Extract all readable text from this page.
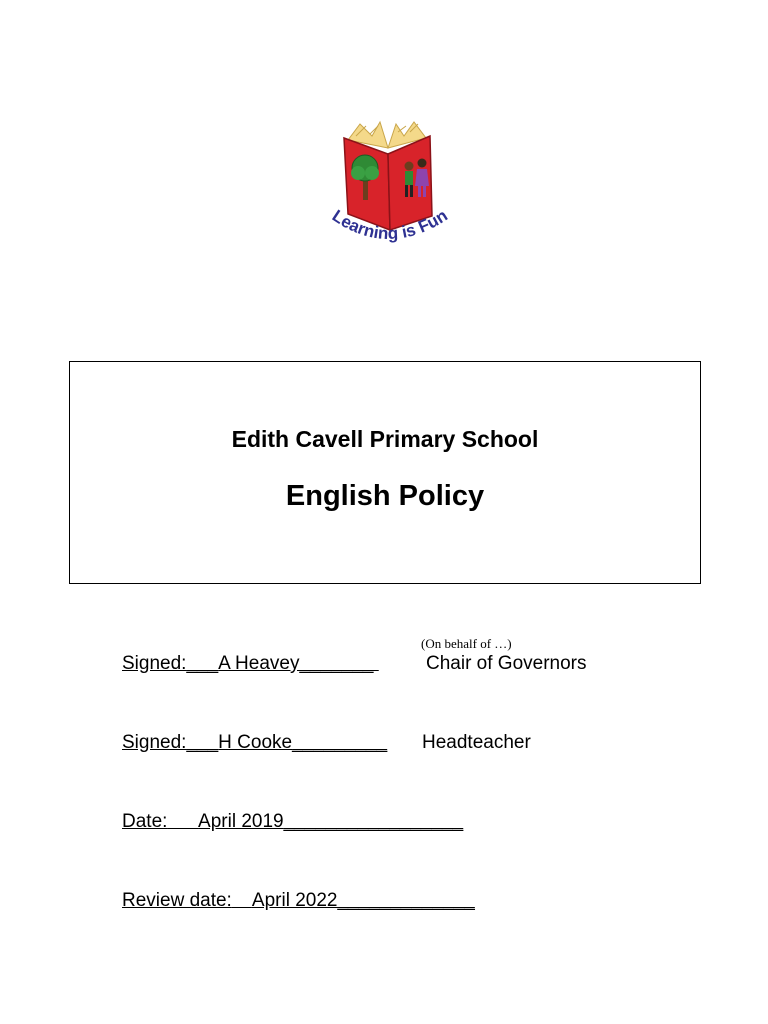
Learning is Fun
Edith Cavell Primary School
English Policy
(On behalf of …)
Signed:___A Heavey_______ Chair of Governors
Signed:___H Cooke_________ Headteacher
Date: April 2019_________________
Review date: April 2022_____________
